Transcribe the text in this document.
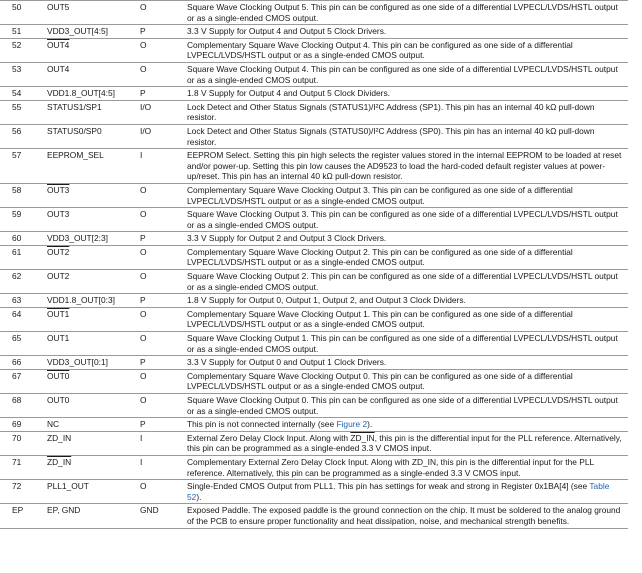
50	OUT5	O	Square Wave Clocking Output 5. This pin can be configured as one side of a differential LVPECL/LVDS/HSTL output or as a single-ended CMOS output.
51	VDD3_OUT[4:5]	P	3.3 V Supply for Output 4 and Output 5 Clock Drivers.
52	OUT4	O	Complementary Square Wave Clocking Output 4. This pin can be configured as one side of a differential LVPECL/LVDS/HSTL output or as a single-ended CMOS output.
53	OUT4	O	Square Wave Clocking Output 4. This pin can be configured as one side of a differential LVPECL/LVDS/HSTL output or as a single-ended CMOS output.
54	VDD1.8_OUT[4:5]	P	1.8 V Supply for Output 4 and Output 5 Clock Dividers.
55	STATUS1/SP1	I/O	Lock Detect and Other Status Signals (STATUS1)/I²C Address (SP1). This pin has an internal 40 kΩ pull-down resistor.
56	STATUS0/SP0	I/O	Lock Detect and Other Status Signals (STATUS0)/I²C Address (SP0). This pin has an internal 40 kΩ pull-down resistor.
57	EEPROM_SEL	I	EEPROM Select. Setting this pin high selects the register values stored in the internal EEPROM to be loaded at reset and/or power-up. Setting this pin low causes the AD9523 to load the hard-coded default register values at power-up/reset. This pin has an internal 40 kΩ pull-down resistor.
58	OUT3	O	Complementary Square Wave Clocking Output 3. This pin can be configured as one side of a differential LVPECL/LVDS/HSTL output or as a single-ended CMOS output.
59	OUT3	O	Square Wave Clocking Output 3. This pin can be configured as one side of a differential LVPECL/LVDS/HSTL output or as a single-ended CMOS output.
60	VDD3_OUT[2:3]	P	3.3 V Supply for Output 2 and Output 3 Clock Drivers.
61	OUT2	O	Complementary Square Wave Clocking Output 2. This pin can be configured as one side of a differential LVPECL/LVDS/HSTL output or as a single-ended CMOS output.
62	OUT2	O	Square Wave Clocking Output 2. This pin can be configured as one side of a differential LVPECL/LVDS/HSTL output or as a single-ended CMOS output.
63	VDD1.8_OUT[0:3]	P	1.8 V Supply for Output 0, Output 1, Output 2, and Output 3 Clock Dividers.
64	OUT1	O	Complementary Square Wave Clocking Output 1. This pin can be configured as one side of a differential LVPECL/LVDS/HSTL output or as a single-ended CMOS output.
65	OUT1	O	Square Wave Clocking Output 1. This pin can be configured as one side of a differential LVPECL/LVDS/HSTL output or as a single-ended CMOS output.
66	VDD3_OUT[0:1]	P	3.3 V Supply for Output 0 and Output 1 Clock Drivers.
67	OUT0	O	Complementary Square Wave Clocking Output 0. This pin can be configured as one side of a differential LVPECL/LVDS/HSTL output or as a single-ended CMOS output.
68	OUT0	O	Square Wave Clocking Output 0. This pin can be configured as one side of a differential LVPECL/LVDS/HSTL output or as a single-ended CMOS output.
69	NC	P	This pin is not connected internally (see Figure 2).
70	ZD_IN	I	External Zero Delay Clock Input. Along with ZD_IN, this pin is the differential input for the PLL reference. Alternatively, this pin can be programmed as a single-ended 3.3 V CMOS input.
71	ZD_IN	I	Complementary External Zero Delay Clock Input. Along with ZD_IN, this pin is the differential input for the PLL reference. Alternatively, this pin can be programmed as a single-ended 3.3 V CMOS input.
72	PLL1_OUT	O	Single-Ended CMOS Output from PLL1. This pin has settings for weak and strong in Register 0x1BA[4] (see Table 52).
EP	EP, GND	GND	Exposed Paddle. The exposed paddle is the ground connection on the chip. It must be soldered to the analog ground of the PCB to ensure proper functionality and heat dissipation, noise, and mechanical strength benefits.
